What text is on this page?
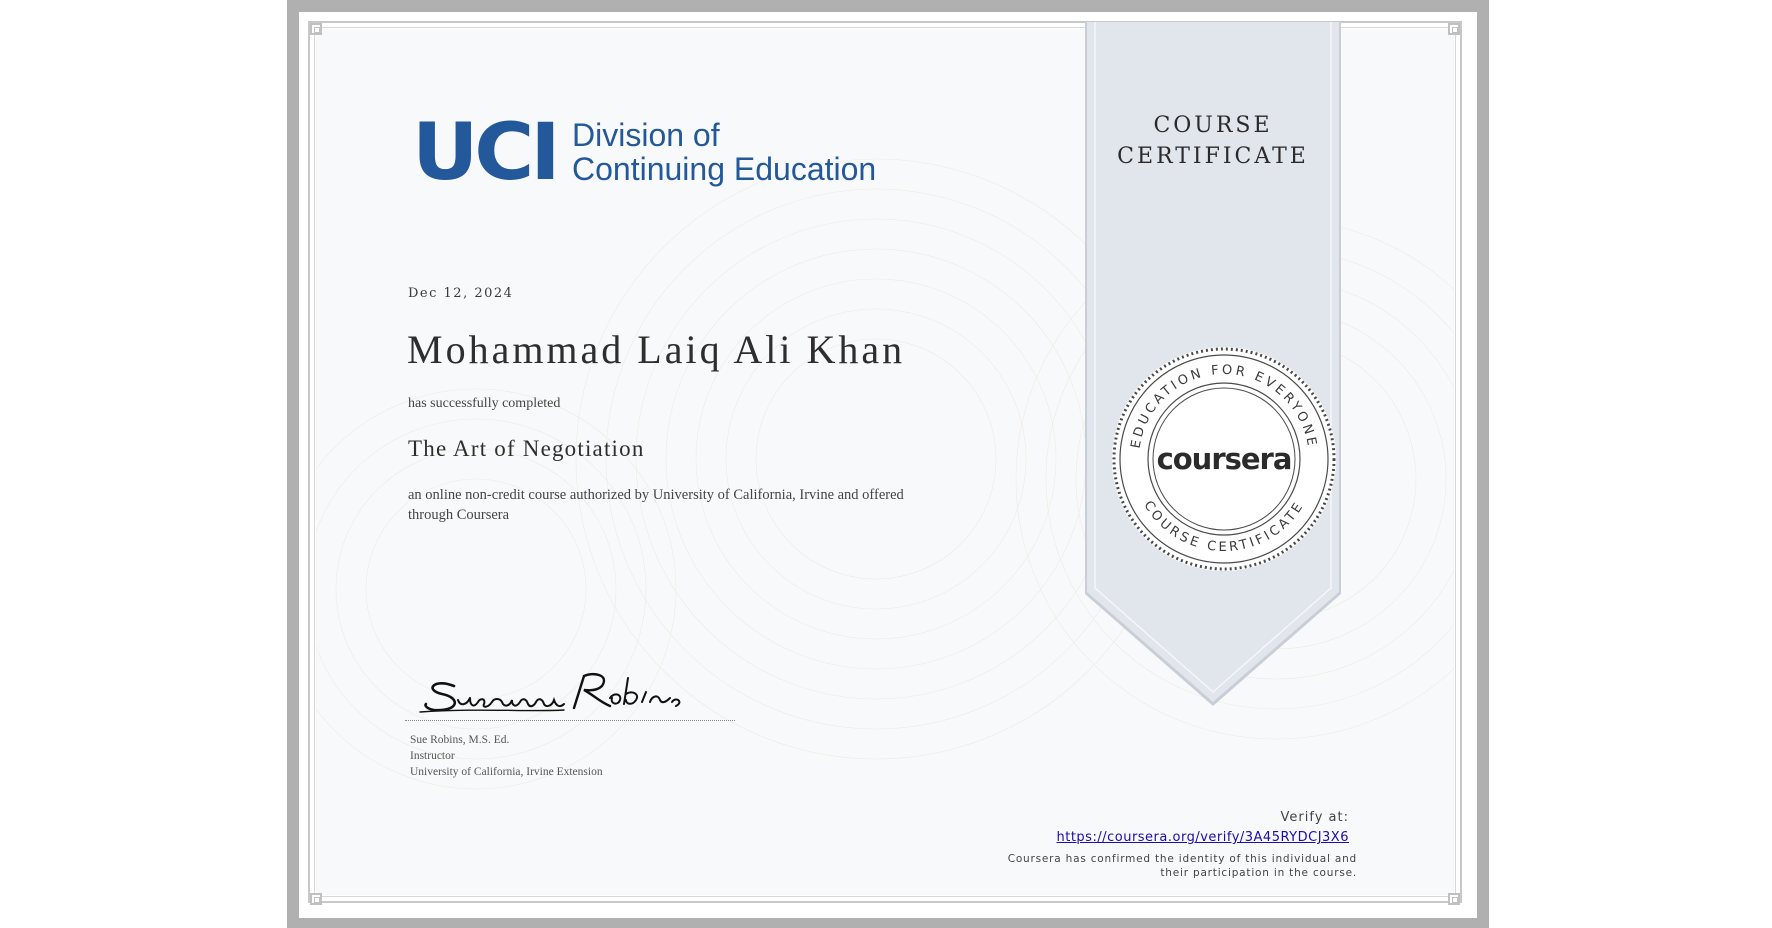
COURSE
CERTIFICATE
EDUCATION FOR EVERYONE
COURSE CERTIFICATE
coursera
UCI Division of
Continuing Education
Dec 12, 2024
Mohammad Laiq Ali Khan
has successfully completed
The Art of Negotiation
an online non-credit course authorized by University of California, Irvine and offered
through Coursera
Sue Robins, M.S. Ed.
Instructor
University of California, Irvine Extension
Verify at:
https://coursera.org/verify/3A45RYDCJ3X6
Coursera has confirmed the identity of this individual and
their participation in the course.
